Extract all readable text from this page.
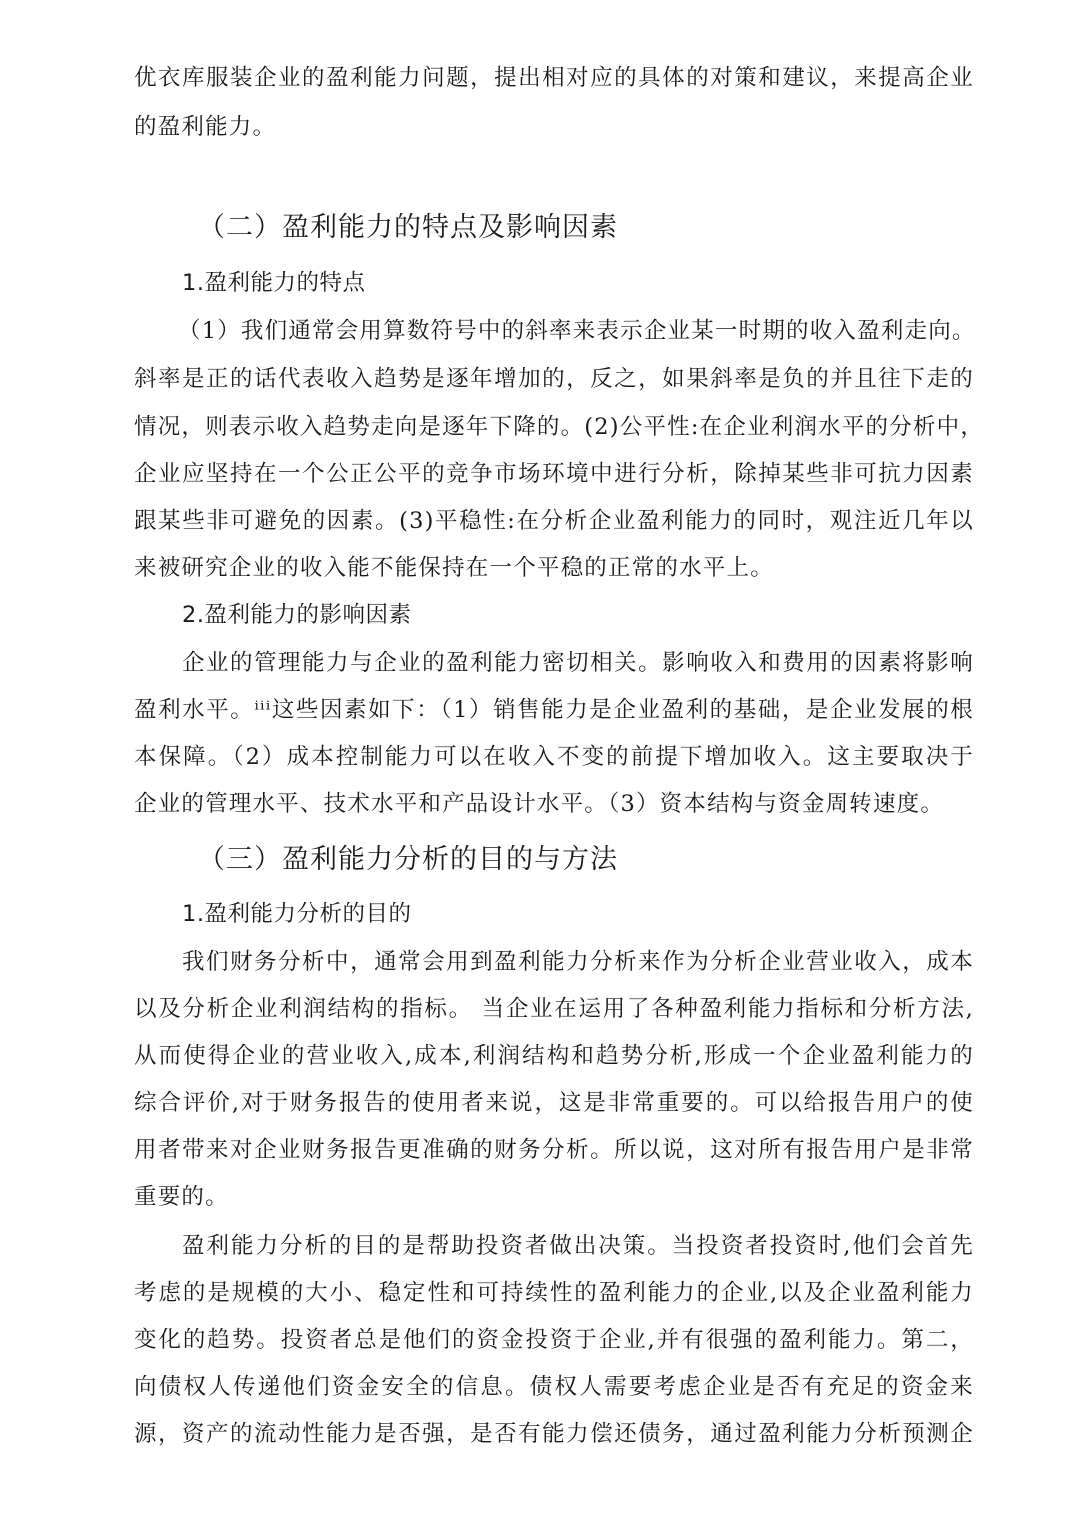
优衣库服装企业的盈利能力问题，提出相对应的具体的对策和建议，来提高企业
的盈利能力。
（二）盈利能力的特点及影响因素
1.盈利能力的特点
（1）我们通常会用算数符号中的斜率来表示企业某一时期的收入盈利走向。
斜率是正的话代表收入趋势是逐年增加的，反之，如果斜率是负的并且往下走的
情况，则表示收入趋势走向是逐年下降的。(2)公平性:在企业利润水平的分析中，
企业应坚持在一个公正公平的竞争市场环境中进行分析，除掉某些非可抗力因素
跟某些非可避免的因素。(3)平稳性:在分析企业盈利能力的同时，观注近几年以
来被研究企业的收入能不能保持在一个平稳的正常的水平上。
2.盈利能力的影响因素
企业的管理能力与企业的盈利能力密切相关。影响收入和费用的因素将影响
盈利水平。ⁱⁱⁱ这些因素如下：（1）销售能力是企业盈利的基础，是企业发展的根
本保障。（2）成本控制能力可以在收入不变的前提下增加收入。这主要取决于
企业的管理水平、技术水平和产品设计水平。（3）资本结构与资金周转速度。
（三）盈利能力分析的目的与方法
1.盈利能力分析的目的
我们财务分析中，通常会用到盈利能力分析来作为分析企业营业收入，成本
以及分析企业利润结构的指标。 当企业在运用了各种盈利能力指标和分析方法,
从而使得企业的营业收入,成本,利润结构和趋势分析,形成一个企业盈利能力的
综合评价,对于财务报告的使用者来说，这是非常重要的。可以给报告用户的使
用者带来对企业财务报告更准确的财务分析。所以说，这对所有报告用户是非常
重要的。
盈利能力分析的目的是帮助投资者做出决策。当投资者投资时,他们会首先
考虑的是规模的大小、稳定性和可持续性的盈利能力的企业,以及企业盈利能力
变化的趋势。投资者总是他们的资金投资于企业,并有很强的盈利能力。第二，
向债权人传递他们资金安全的信息。债权人需要考虑企业是否有充足的资金来
源，资产的流动性能力是否强，是否有能力偿还债务，通过盈利能力分析预测企
